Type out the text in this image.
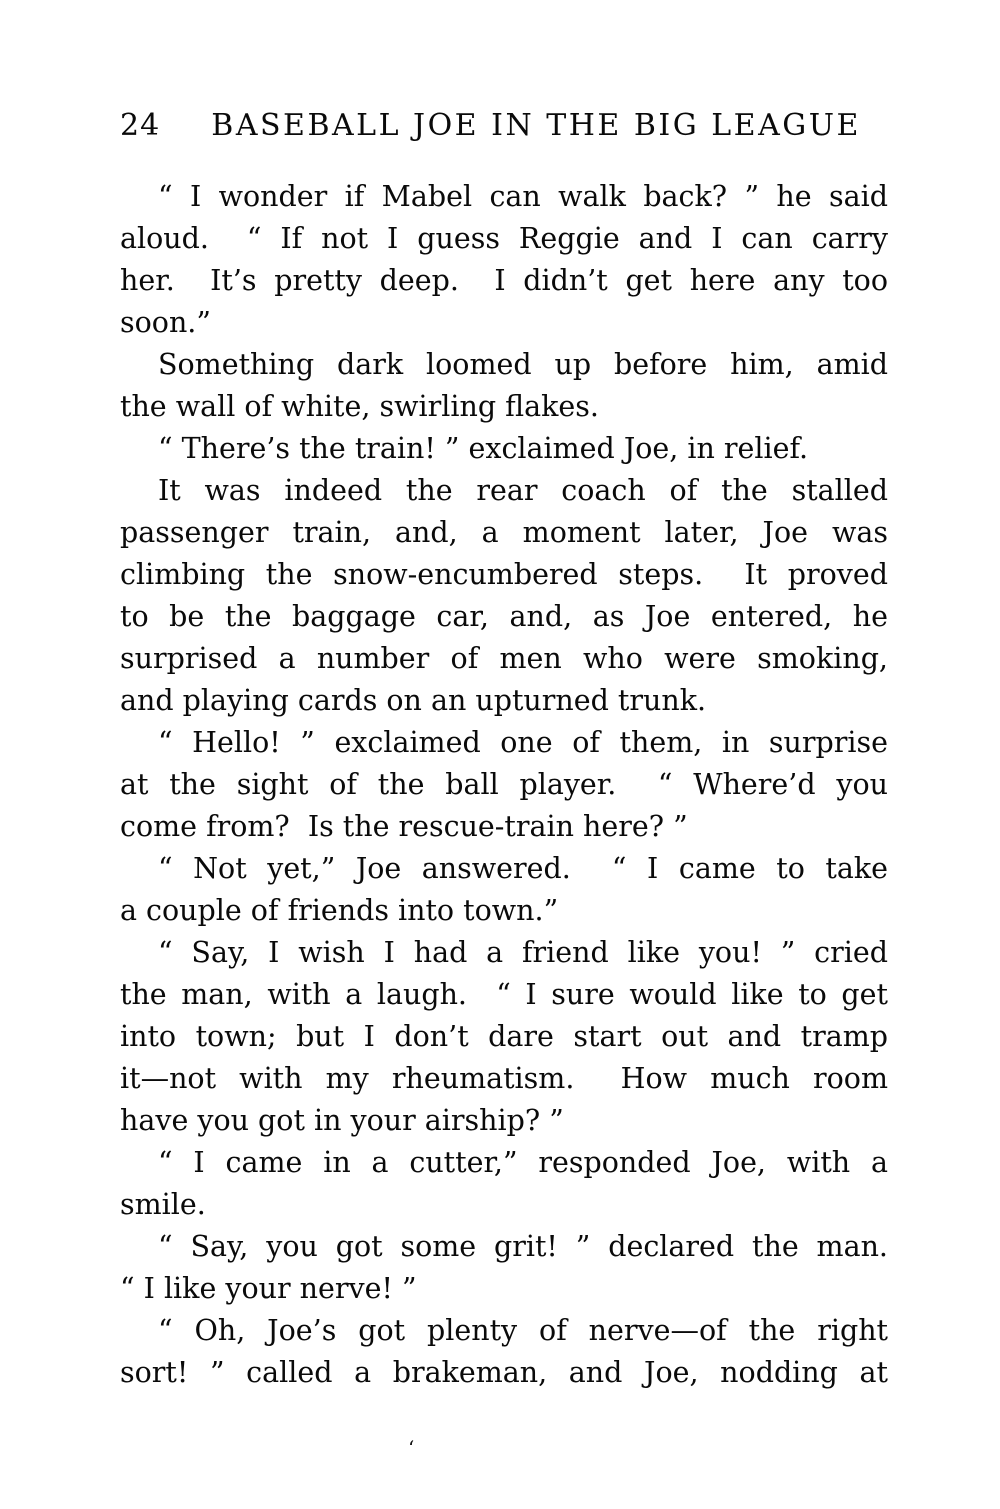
24	BASEBALL JOE IN THE BIG LEAGUE
“ I wonder if Mabel can walk back? ” he said
aloud.  “ If not I guess Reggie and I can carry
her.  It’s pretty deep.  I didn’t get here any too
soon.”
Something dark loomed up before him, amid
the wall of white, swirling flakes.
“ There’s the train! ” exclaimed Joe, in relief.
It was indeed the rear coach of the stalled
passenger train, and, a moment later, Joe was
climbing the snow-encumbered steps.  It proved
to be the baggage car, and, as Joe entered, he
surprised a number of men who were smoking,
and playing cards on an upturned trunk.
“ Hello! ” exclaimed one of them, in surprise
at the sight of the ball player.  “ Where’d you
come from?  Is the rescue-train here? ”
“ Not yet,” Joe answered.  “ I came to take
a couple of friends into town.”
“ Say, I wish I had a friend like you! ” cried
the man, with a laugh.  “ I sure would like to get
into town; but I don’t dare start out and tramp
it—not with my rheumatism.  How much room
have you got in your airship? ”
“ I came in a cutter,” responded Joe, with a
smile.
“ Say, you got some grit! ” declared the man.
“ I like your nerve! ”
“ Oh, Joe’s got plenty of nerve—of the right
sort! ” called a brakeman, and Joe, nodding at
‘
